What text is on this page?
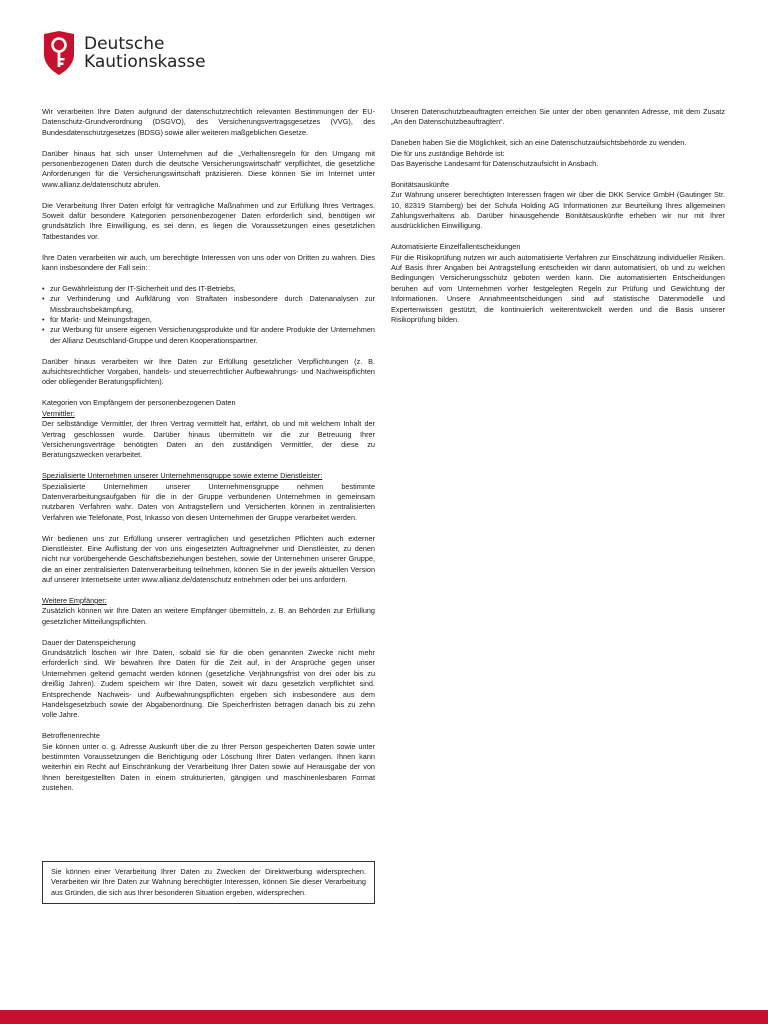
Deutsche
Kautionskasse

Wir verarbeiten Ihre Daten aufgrund der datenschutzrechtlich relevanten Bestimmungen der EU-Datenschutz-Grundverordnung (DSGVO), des Versicherungsvertragsgesetzes (VVG), des Bundesdatenschutzgesetzes (BDSG) sowie aller weiteren maßgeblichen Gesetze.

Darüber hinaus hat sich unser Unternehmen auf die „Verhaltensregeln für den Umgang mit personenbezogenen Daten durch die deutsche Versicherungswirtschaft“ verpflichtet, die gesetzliche Anforderungen für die Versicherungswirtschaft präzisieren. Diese können Sie im Internet unter www.allianz.de/datenschutz abrufen.

Die Verarbeitung Ihrer Daten erfolgt für vertragliche Maßnahmen und zur Erfüllung Ihres Vertrages. Soweit dafür besondere Kategorien personenbezogener Daten erforderlich sind, benötigen wir grundsätzlich Ihre Einwilligung, es sei denn, es liegen die Voraussetzungen eines gesetzlichen Tatbestandes vor.

Ihre Daten verarbeiten wir auch, um berechtigte Interessen von uns oder von Dritten zu wahren. Dies kann insbesondere der Fall sein:

• zur Gewährleistung der IT-Sicherheit und des IT-Betriebs,
• zur Verhinderung und Aufklärung von Straftaten insbesondere durch Datenanalysen zur Missbrauchsbekämpfung,
• für Markt- und Meinungsfragen,
• zur Werbung für unsere eigenen Versicherungsprodukte und für andere Produkte der Unternehmen der Allianz Deutschland-Gruppe und deren Kooperationspartner.

Darüber hinaus verarbeiten wir Ihre Daten zur Erfüllung gesetzlicher Verpflichtungen (z. B. aufsichtsrechtlicher Vorgaben, handels- und steuerrechtlicher Aufbewahrungs- und Nachweispflichten oder obliegender Beratungspflichten).

Kategorien von Empfängern der personenbezogenen Daten
Vermittler:

Der selbständige Vermittler, der Ihren Vertrag vermittelt hat, erfährt, ob und mit welchem Inhalt der Vertrag geschlossen wurde. Darüber hinaus übermitteln wir die zur Betreuung Ihrer Versicherungsverträge benötigten Daten an den zuständigen Vermittler, der diese zu Beratungszwecken verarbeitet.

Spezialisierte Unternehmen unserer Unternehmensgruppe sowie externe Dienstleister:

Spezialisierte Unternehmen unserer Unternehmensgruppe nehmen bestimmte Datenverarbeitungsaufgaben für die in der Gruppe verbundenen Unternehmen in gemeinsam nutzbaren Verfahren wahr. Daten von Antragstellern und Versicherten können in zentralisierten Verfahren wie Telefonate, Post, Inkasso von diesen Unternehmen der Gruppe verarbeitet werden.

Wir bedienen uns zur Erfüllung unserer vertraglichen und gesetzlichen Pflichten auch externer Dienstleister. Eine Auflistung der von uns eingesetzten Auftragnehmer und Dienstleister, zu denen nicht nur vorübergehende Geschäftsbeziehungen bestehen, sowie der Unternehmen unserer Gruppe, die an einer zentralisierten Datenverarbeitung teilnehmen, können Sie in der jeweils aktuellen Version auf unserer Internetseite unter www.allianz.de/datenschutz entnehmen oder bei uns anfordern.

Weitere Empfänger:

Zusätzlich können wir Ihre Daten an weitere Empfänger übermitteln, z. B. an Behörden zur Erfüllung gesetzlicher Mitteilungspflichten.

Dauer der Datenspeicherung

Grundsätzlich löschen wir Ihre Daten, sobald sie für die oben genannten Zwecke nicht mehr erforderlich sind. Wir bewahren Ihre Daten für die Zeit auf, in der Ansprüche gegen unser Unternehmen geltend gemacht werden können (gesetzliche Verjährungsfrist von drei oder bis zu dreißig Jahren). Zudem speichern wir Ihre Daten, soweit wir dazu gesetzlich verpflichtet sind. Entsprechende Nachweis- und Aufbewahrungspflichten ergeben sich insbesondere aus dem Handelsgesetzbuch sowie der Abgabenordnung. Die Speicherfristen betragen danach bis zu zehn volle Jahre.

Betroffenenrechte

Sie können unter o. g. Adresse Auskunft über die zu Ihrer Person gespeicherten Daten sowie unter bestimmten Voraussetzungen die Berichtigung oder Löschung Ihrer Daten verlangen. Ihnen kann weiterhin ein Recht auf Einschränkung der Verarbeitung Ihrer Daten sowie auf Herausgabe der von Ihnen bereitgestellten Daten in einem strukturierten, gängigen und maschinenlesbaren Format zustehen.

Sie können einer Verarbeitung Ihrer Daten zu Zwecken der Direktwerbung widersprechen. Verarbeiten wir Ihre Daten zur Wahrung berechtigter Interessen, können Sie dieser Verarbeitung aus Gründen, die sich aus Ihrer besonderen Situation ergeben, widersprechen.

Unseren Datenschutzbeauftragten erreichen Sie unter der oben genannten Adresse, mit dem Zusatz „An den Datenschutzbeauftragten“.

Daneben haben Sie die Möglichkeit, sich an eine Datenschutzaufsichtsbehörde zu wenden.
Die für uns zuständige Behörde ist:
Das Bayerische Landesamt für Datenschutzaufsicht in Ansbach.

Bonitätsauskünfte

Zur Wahrung unserer berechtigten Interessen fragen wir über die DKK Service GmbH (Gautinger Str. 10, 82319 Starnberg) bei der Schufa Holding AG Informationen zur Beurteilung Ihres allgemeinen Zahlungsverhaltens ab. Darüber hinausgehende Bonitätsauskünfte erheben wir nur mit Ihrer ausdrücklichen Einwilligung.

Automatisierte Einzelfallentscheidungen

Für die Risikoprüfung nutzen wir auch automatisierte Verfahren zur Einschätzung individueller Risiken. Auf Basis Ihrer Angaben bei Antragstellung entscheiden wir dann automatisiert, ob und zu welchen Bedingungen Versicherungsschutz geboten werden kann. Die automatisierten Entscheidungen beruhen auf vom Unternehmen vorher festgelegten Regeln zur Prüfung und Gewichtung der Informationen. Unsere Annahmeentscheidungen sind auf statistische Datenmodelle und Expertenwissen gestützt, die kontinuierlich weiterentwickelt werden und die Basis unserer Risikoprüfung bilden.
